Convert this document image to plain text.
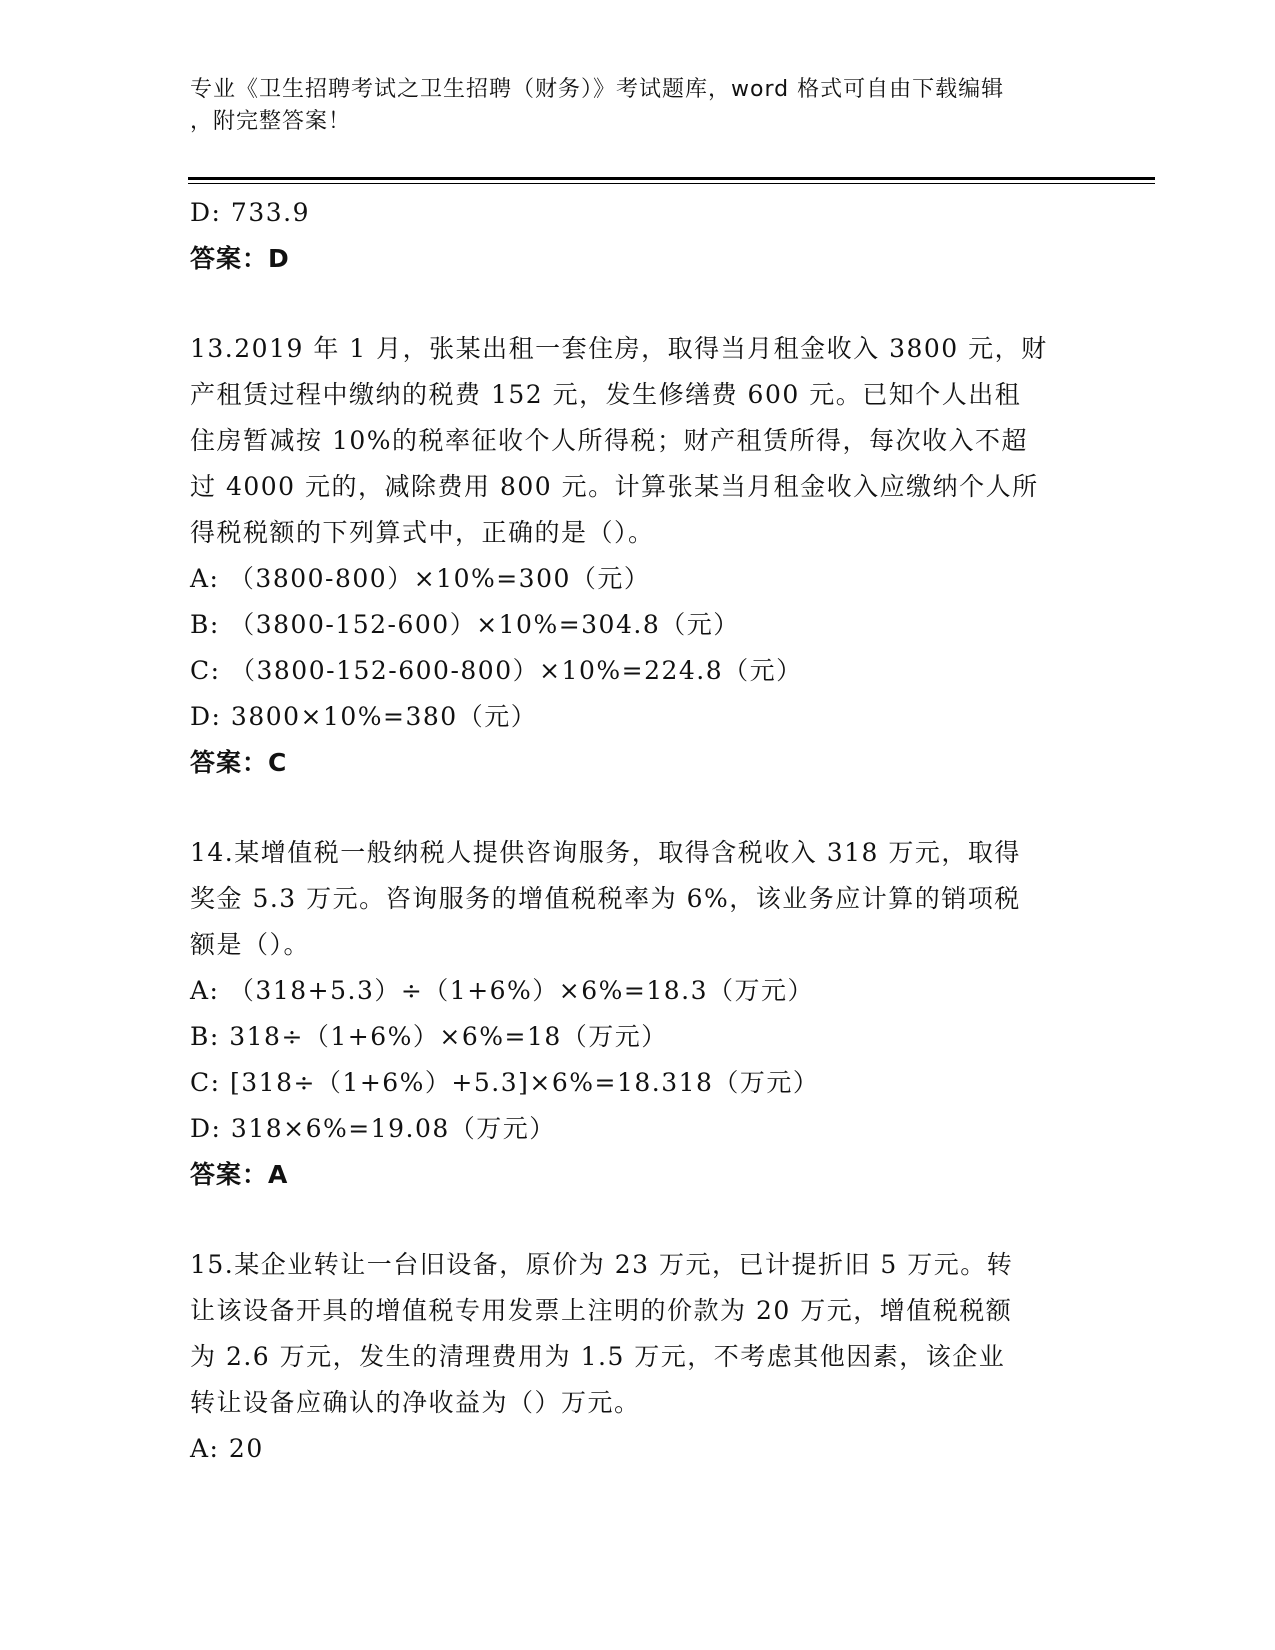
专业《卫生招聘考试之卫生招聘（财务）》考试题库，word 格式可自由下载编辑
，附完整答案！
D: 733.9
答案：D
13.2019 年 1 月，张某出租一套住房，取得当月租金收入 3800 元，财
产租赁过程中缴纳的税费 152 元，发生修缮费 600 元。已知个人出租
住房暂减按 10%的税率征收个人所得税；财产租赁所得，每次收入不超
过 4000 元的，减除费用 800 元。计算张某当月租金收入应缴纳个人所
得税税额的下列算式中，正确的是（）。
A: （3800-800）×10%=300（元）
B: （3800-152-600）×10%=304.8（元）
C: （3800-152-600-800）×10%=224.8（元）
D: 3800×10%=380（元）
答案：C
14.某增值税一般纳税人提供咨询服务，取得含税收入 318 万元，取得
奖金 5.3 万元。咨询服务的增值税税率为 6%，该业务应计算的销项税
额是（）。
A: （318+5.3）÷（1+6%）×6%=18.3（万元）
B: 318÷（1+6%）×6%=18（万元）
C: [318÷（1+6%）+5.3]×6%=18.318（万元）
D: 318×6%=19.08（万元）
答案：A
15.某企业转让一台旧设备，原价为 23 万元，已计提折旧 5 万元。转
让该设备开具的增值税专用发票上注明的价款为 20 万元，增值税税额
为 2.6 万元，发生的清理费用为 1.5 万元，不考虑其他因素，该企业
转让设备应确认的净收益为（）万元。
A: 20
